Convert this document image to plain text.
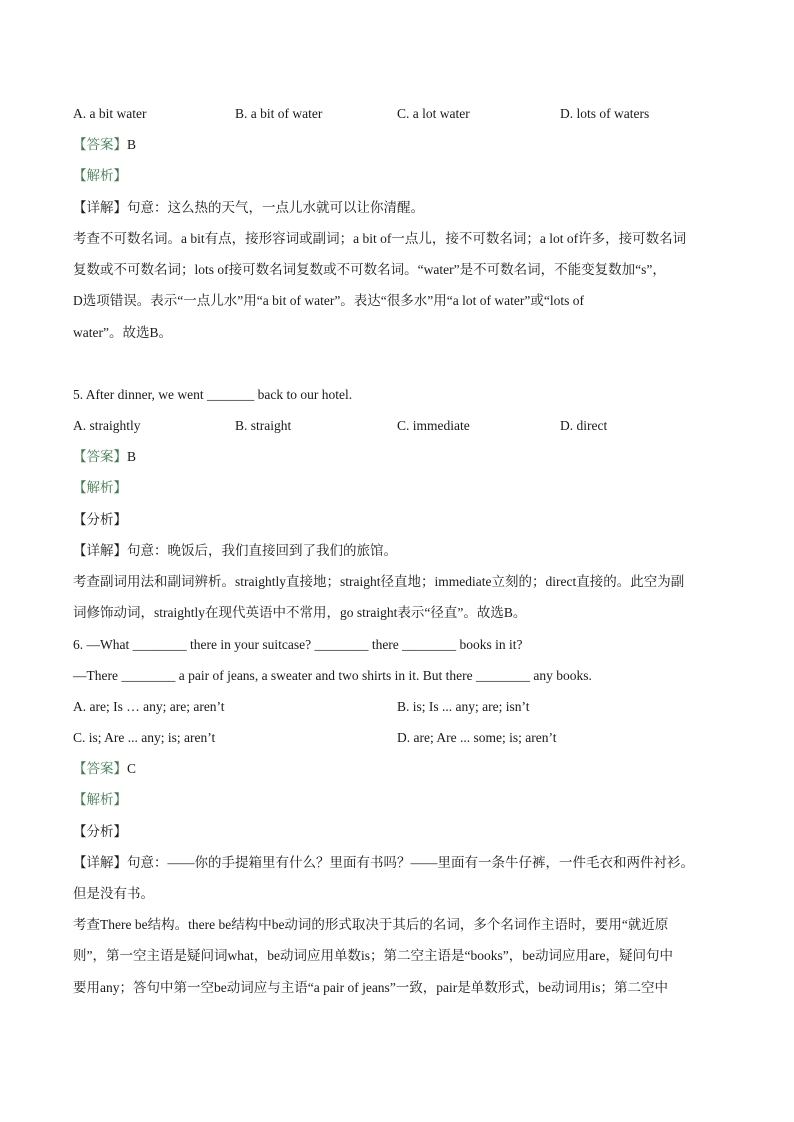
A. a bit water	B. a bit of water	C. a lot water	D. lots of waters
【答案】B
【解析】
【详解】句意：这么热的天气，一点儿水就可以让你清醒。
考查不可数名词。a bit有点，接形容词或副词；a bit of一点儿，接不可数名词；a lot of许多，接可数名词
复数或不可数名词；lots of接可数名词复数或不可数名词。“water”是不可数名词，不能变复数加“s”，
D选项错误。表示“一点儿水”用“a bit of water”。表达“很多水”用“a lot of water”或“lots of
water”。故选B。
5. After dinner, we went _______ back to our hotel.
A. straightly	B. straight	C. immediate	D. direct
【答案】B
【解析】
【分析】
【详解】句意：晚饭后，我们直接回到了我们的旅馆。
考查副词用法和副词辨析。straightly直接地；straight径直地；immediate立刻的；direct直接的。此空为副
词修饰动词，straightly在现代英语中不常用，go straight表示“径直”。故选B。
6. —What ________ there in your suitcase? ________ there ________ books in it?
—There ________ a pair of jeans, a sweater and two shirts in it. But there ________ any books.
A. are; Is … any; are; aren’t	B. is; Is ... any; are; isn’t
C. is; Are ... any; is; aren’t	D. are; Are ... some; is; aren’t
【答案】C
【解析】
【分析】
【详解】句意：——你的手提箱里有什么？里面有书吗？——里面有一条牛仔裤，一件毛衣和两件衬衫。
但是没有书。
考查There be结构。there be结构中be动词的形式取决于其后的名词，多个名词作主语时，要用“就近原
则”，第一空主语是疑问词what，be动词应用单数is；第二空主语是“books”，be动词应用are，疑问句中
要用any；答句中第一空be动词应与主语“a pair of jeans”一致，pair是单数形式，be动词用is；第二空中
